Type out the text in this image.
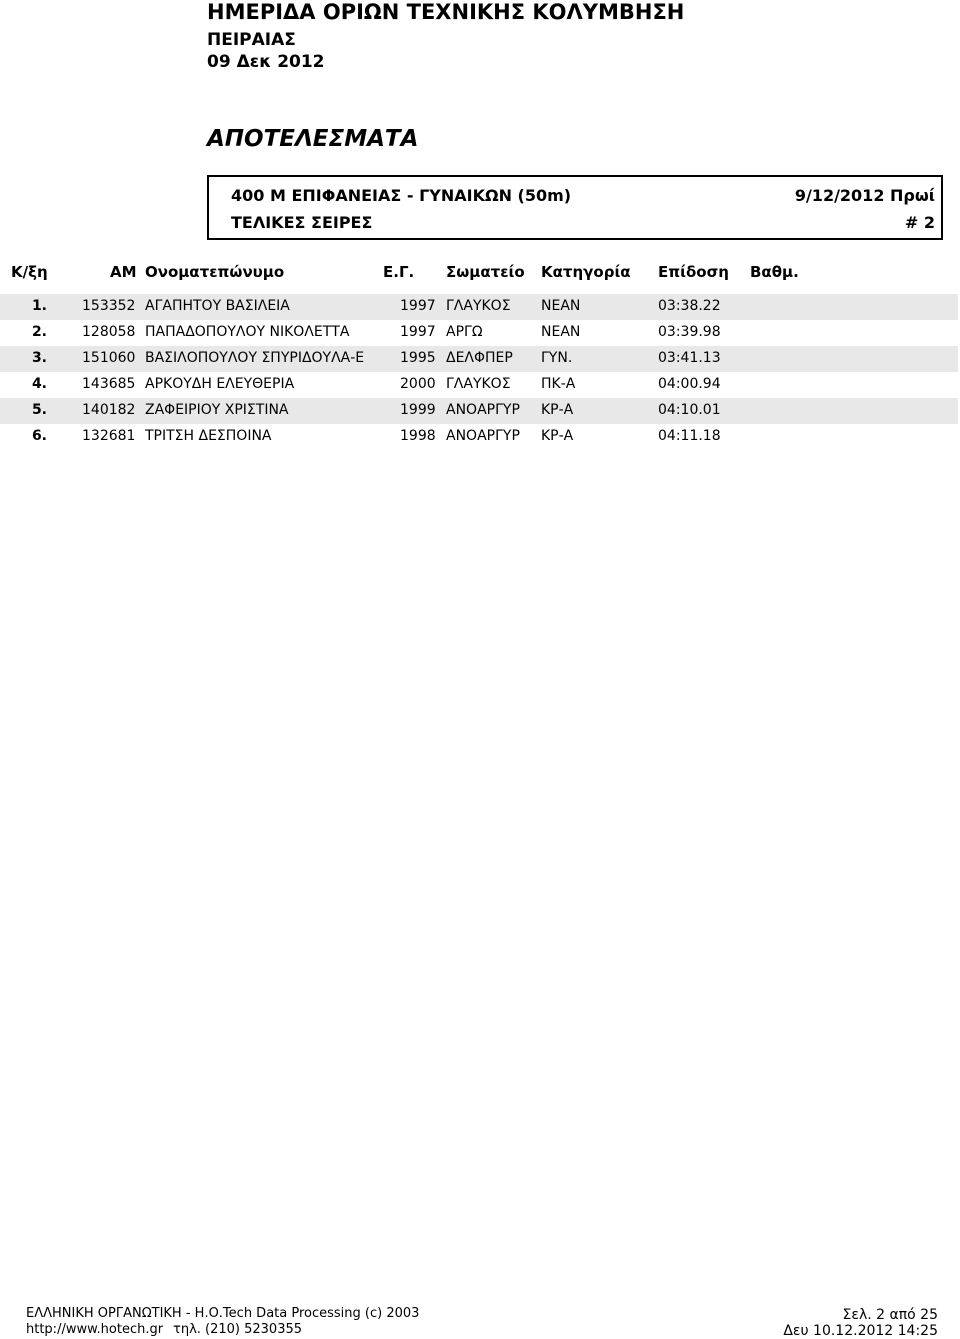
ΗΜΕΡΙΔΑ ΟΡΙΩΝ ΤΕΧΝΙΚΗΣ ΚΟΛΥΜΒΗΣΗ
ΠΕΙΡΑΙΑΣ
09 Δεκ 2012
ΑΠΟΤΕΛΕΣΜΑΤΑ
400 M ΕΠΙΦΑΝΕΙΑΣ - ΓΥΝΑΙΚΩΝ (50m)	9/12/2012 Πρωί
ΤΕΛΙΚΕΣ ΣΕΙΡΕΣ	# 2
Κ/ξη	AM Ονοματεπώνυμο	Ε.Γ. Σωματείο Κατηγορία Επίδοση Βαθμ.
1.	153352 ΑΓΑΠΗΤΟΥ ΒΑΣΙΛΕΙΑ	1997 ΓΛΑΥΚΟΣ ΝΕΑΝ	03:38.22
2.	128058 ΠΑΠΑΔΟΠΟΥΛΟΥ ΝΙΚΟΛΕΤΤΑ	1997 ΑΡΓΩ	ΝΕΑΝ	03:39.98
3.	151060 ΒΑΣΙΛΟΠΟΥΛΟΥ ΣΠΥΡΙΔΟΥΛΑ-Ε	1995 ΔΕΛΦΠΕΡ ΓΥΝ.	03:41.13
4.	143685 ΑΡΚΟΥΔΗ ΕΛΕΥΘΕΡΙΑ	2000 ΓΛΑΥΚΟΣ ΠΚ-Α	04:00.94
5.	140182 ΖΑΦΕΙΡΙΟΥ ΧΡΙΣΤΙΝΑ	1999 ΑΝΟΑΡΓΥΡ ΚΡ-Α	04:10.01
6.	132681 ΤΡΙΤΣΗ ΔΕΣΠΟΙΝΑ	1998 ΑΝΟΑΡΓΥΡ ΚΡ-Α	04:11.18
ΕΛΛΗΝΙΚΗ ΟΡΓΑΝΩΤΙΚΗ - Η.Ο.Tech Data Processing (c) 2003
http://www.hotech.gr τηλ. (210) 5230355
Σελ. 2 από 25
Δευ 10.12.2012 14:25
